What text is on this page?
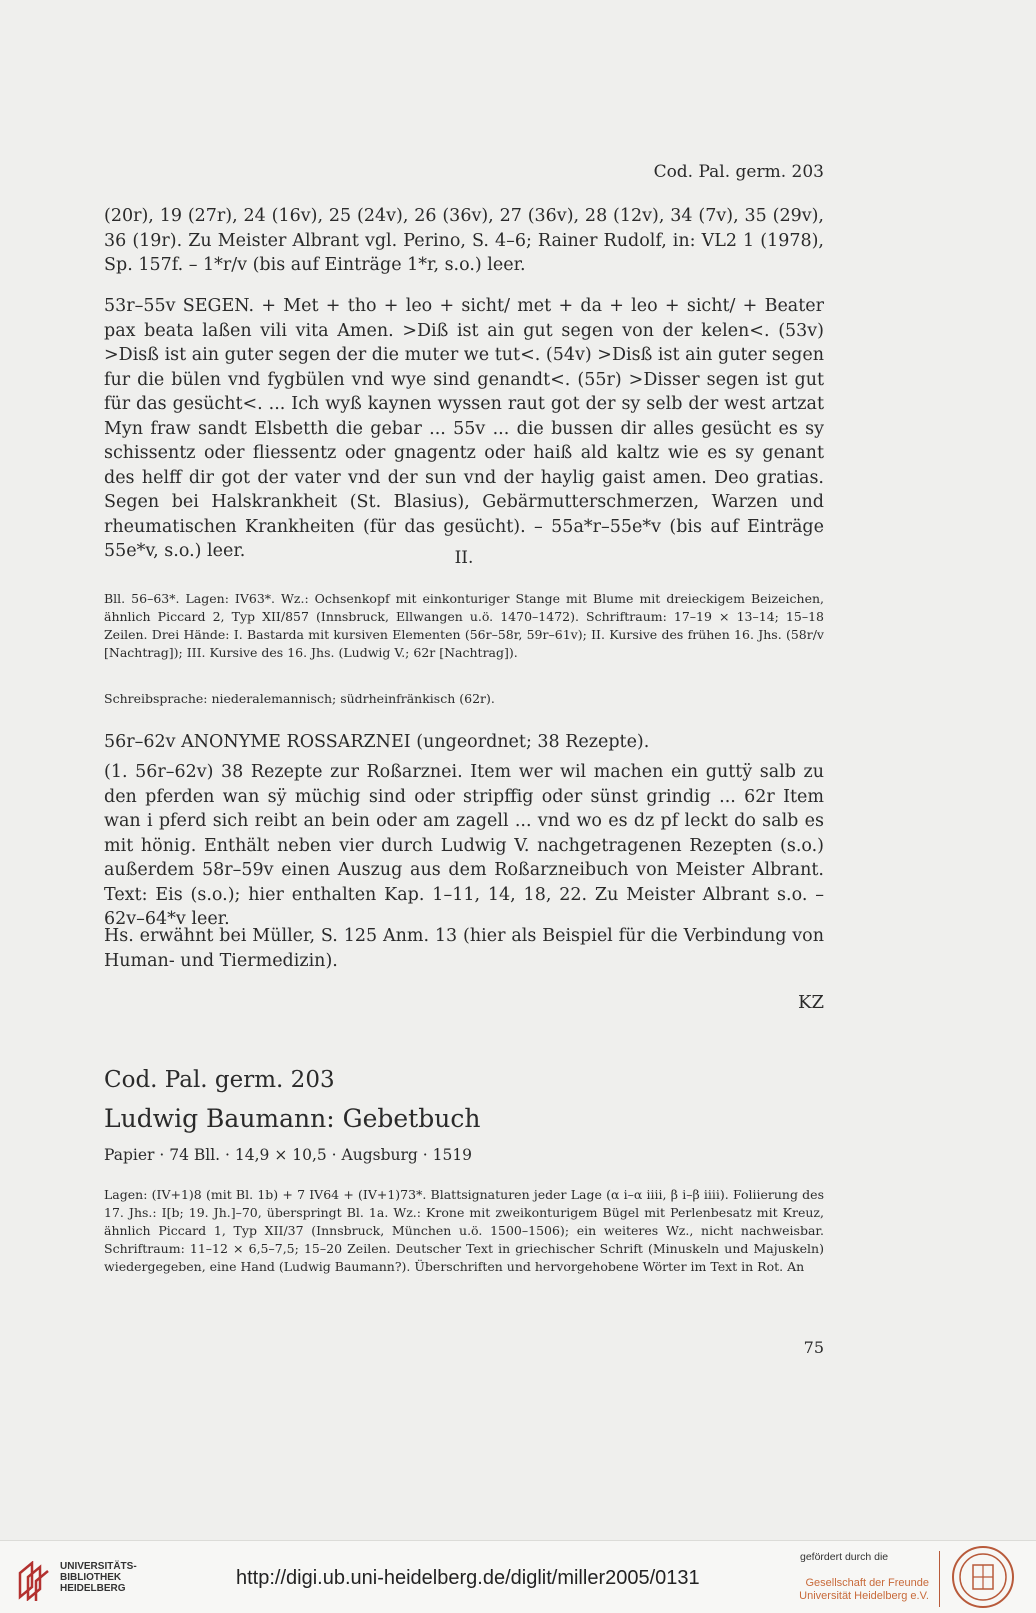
Cod. Pal. germ. 203

(20r), 19 (27r), 24 (16v), 25 (24v), 26 (36v), 27 (36v), 28 (12v), 34 (7v), 35 (29v), 36 (19r). Zu Meister Albrant vgl. Perino, S. 4–6; Rainer Rudolf, in: VL2 1 (1978), Sp. 157f. – 1*r/v (bis auf Einträge 1*r, s.o.) leer.

53r–55v SEGEN. + Met + tho + leo + sicht/ met + da + leo + sicht/ + Beater pax beata laßen vili vita Amen. >Diß ist ain gut segen von der kelen<. (53v) >Disß ist ain guter segen der die muter we tut<. (54v) >Disß ist ain guter segen fur die bülen vnd fygbülen vnd wye sind genandt<. (55r) >Disser segen ist gut für das gesücht<. ... Ich wyß kaynen wyssen raut got der sy selb der west artzat Myn fraw sandt Elsbetth die gebar ... 55v ... die bussen dir alles gesücht es sy schissentz oder fliessentz oder gnagentz oder haiß ald kaltz wie es sy genant des helff dir got der vater vnd der sun vnd der haylig gaist amen. Deo gratias. Segen bei Halskrankheit (St. Blasius), Gebärmutterschmerzen, Warzen und rheumatischen Krankheiten (für das gesücht). – 55a*r–55e*v (bis auf Einträge 55e*v, s.o.) leer.	II.

Bll. 56–63*. Lagen: IV63*. Wz.: Ochsenkopf mit einkonturiger Stange mit Blume mit dreieckigem Beizeichen, ähnlich Piccard 2, Typ XII/857 (Innsbruck, Ellwangen u.ö. 1470–1472). Schriftraum: 17–19 × 13–14; 15–18 Zeilen. Drei Hände: I. Bastarda mit kursiven Elementen (56r–58r, 59r–61v); II. Kursive des frühen 16. Jhs. (58r/v [Nachtrag]); III. Kursive des 16. Jhs. (Ludwig V.; 62r [Nachtrag]).

Schreibsprache: niederalemannisch; südrheinfränkisch (62r).

56r–62v ANONYME ROSSARZNEI (ungeordnet; 38 Rezepte).

(1. 56r–62v) 38 Rezepte zur Roßarznei. Item wer wil machen ein guttÿ salb zu den pferden wan sÿ müchig sind oder stripffig oder sünst grindig ... 62r Item wan i pferd sich reibt an bein oder am zagell ... vnd wo es dz pf leckt do salb es mit hönig. Enthält neben vier durch Ludwig V. nachgetragenen Rezepten (s.o.) außerdem 58r–59v einen Auszug aus dem Roßarzneibuch von Meister Albrant. Text: Eis (s.o.); hier enthalten Kap. 1–11, 14, 18, 22. Zu Meister Albrant s.o. – 62v–64*v leer.

Hs. erwähnt bei Müller, S. 125 Anm. 13 (hier als Beispiel für die Verbindung von Human- und Tiermedizin).

KZ
Cod. Pal. germ. 203
Ludwig Baumann: Gebetbuch
Papier · 74 Bll. · 14,9 × 10,5 · Augsburg · 1519

Lagen: (IV+1)8 (mit Bl. 1b) + 7 IV64 + (IV+1)73*. Blattsignaturen jeder Lage (α i–α iiii, β i–β iiii). Foliierung des 17. Jhs.: I[b; 19. Jh.]–70, überspringt Bl. 1a. Wz.: Krone mit zweikonturigem Bügel mit Perlenbesatz mit Kreuz, ähnlich Piccard 1, Typ XII/37 (Innsbruck, München u.ö. 1500–1506); ein weiteres Wz., nicht nachweisbar. Schriftraum: 11–12 × 6,5–7,5; 15–20 Zeilen. Deutscher Text in griechischer Schrift (Minuskeln und Majuskeln) wiedergegeben, eine Hand (Ludwig Baumann?). Überschriften und hervorgehobene Wörter im Text in Rot. An

75
UNIVERSITÄTS-
BIBLIOTHEK
HEIDELBERG	http://digi.ub.uni-heidelberg.de/diglit/miller2005/0131
gefördert durch die
Gesellschaft der Freunde
Universität Heidelberg e.V.
